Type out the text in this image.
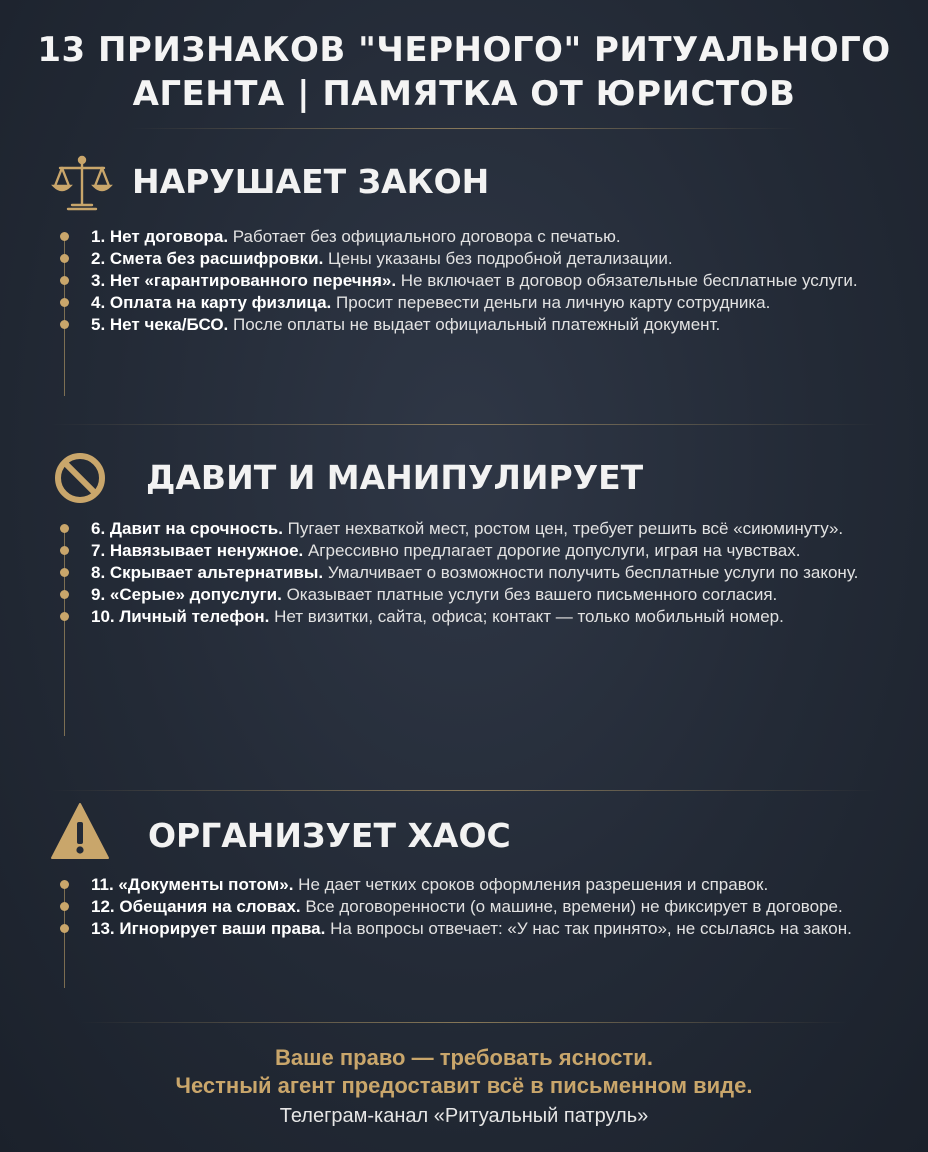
13 ПРИЗНАКОВ "ЧЕРНОГО" РИТУАЛЬНОГО
АГЕНТА | ПАМЯТКА ОТ ЮРИСТОВ
НАРУШАЕТ ЗАКОН
1. Нет договора. Работает без официального договора с печатью.
2. Смета без расшифровки. Цены указаны без подробной детализации.
3. Нет «гарантированного перечня». Не включает в договор обязательные бесплатные услуги.
4. Оплата на карту физлица. Просит перевести деньги на личную карту сотрудника.
5. Нет чека/БСО. После оплаты не выдает официальный платежный документ.
ДАВИТ И МАНИПУЛИРУЕТ
6. Давит на срочность. Пугает нехваткой мест, ростом цен, требует решить всё «сиюминуту».
7. Навязывает ненужное. Агрессивно предлагает дорогие допуслуги, играя на чувствах.
8. Скрывает альтернативы. Умалчивает о возможности получить бесплатные услуги по закону.
9. «Серые» допуслуги. Оказывает платные услуги без вашего письменного согласия.
10. Личный телефон. Нет визитки, сайта, офиса; контакт — только мобильный номер.
ОРГАНИЗУЕТ ХАОС
11. «Документы потом». Не дает четких сроков оформления разрешения и справок.
12. Обещания на словах. Все договоренности (о машине, времени) не фиксирует в договоре.
13. Игнорирует ваши права. На вопросы отвечает: «У нас так принято», не ссылаясь на закон.
Ваше право — требовать ясности.
Честный агент предоставит всё в письменном виде.
Телеграм-канал «Ритуальный патруль»
